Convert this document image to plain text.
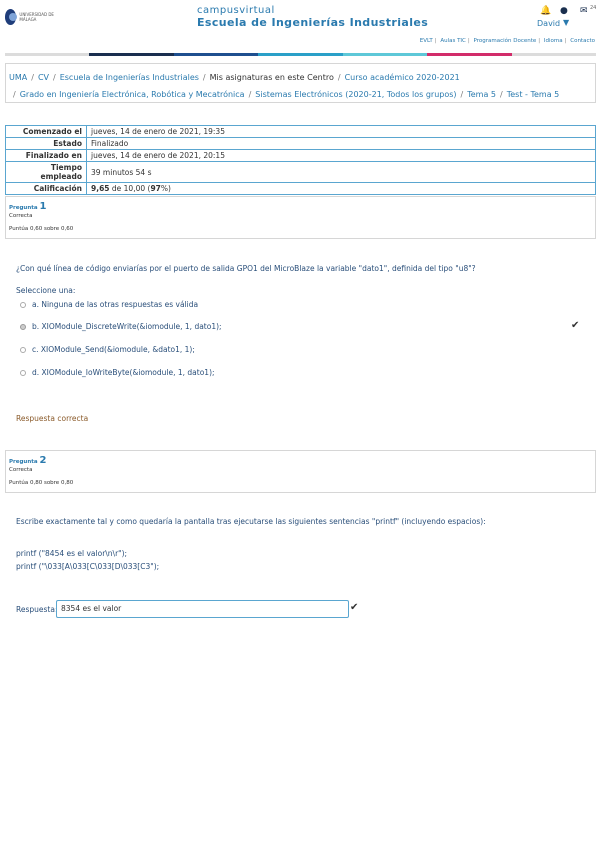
UNIVERSIDAD DE MÁLAGA
campusvirtual
Escuela de Ingenierías Industriales
🔔 ● ✉ 24
David ▼
EVLT | Aulas TIC | Programación Docente | Idioma | Contacto
UMA / CV / Escuela de Ingenierías Industriales / Mis asignaturas en este Centro / Curso académico 2020-2021
/ Grado en Ingeniería Electrónica, Robótica y Mecatrónica / Sistemas Electrónicos (2020-21, Todos los grupos) / Tema 5 / Test - Tema 5
Comenzado el	jueves, 14 de enero de 2021, 19:35
Estado	Finalizado
Finalizado en	jueves, 14 de enero de 2021, 20:15
Tiempo empleado	39 minutos 54 s
Calificación	9,65 de 10,00 (97%)
Pregunta 1
Correcta
Puntúa 0,60 sobre 0,60
¿Con qué línea de código enviarías por el puerto de salida GPO1 del MicroBlaze la variable "dato1", definida del tipo "u8"?
Seleccione una:
a. Ninguna de las otras respuestas es válida
b. XIOModule_DiscreteWrite(&iomodule, 1, dato1);	✔
c. XIOModule_Send(&iomodule, &dato1, 1);
d. XIOModule_IoWriteByte(&iomodule, 1, dato1);
Respuesta correcta
Pregunta 2
Correcta
Puntúa 0,80 sobre 0,80
Escribe exactamente tal y como quedaría la pantalla tras ejecutarse las siguientes sentencias "printf" (incluyendo espacios):
printf ("8454 es el valor\n\r");
printf ("\033[A\033[C\033[D\033[C3");
Respuesta: 8354 es el valor	✔
